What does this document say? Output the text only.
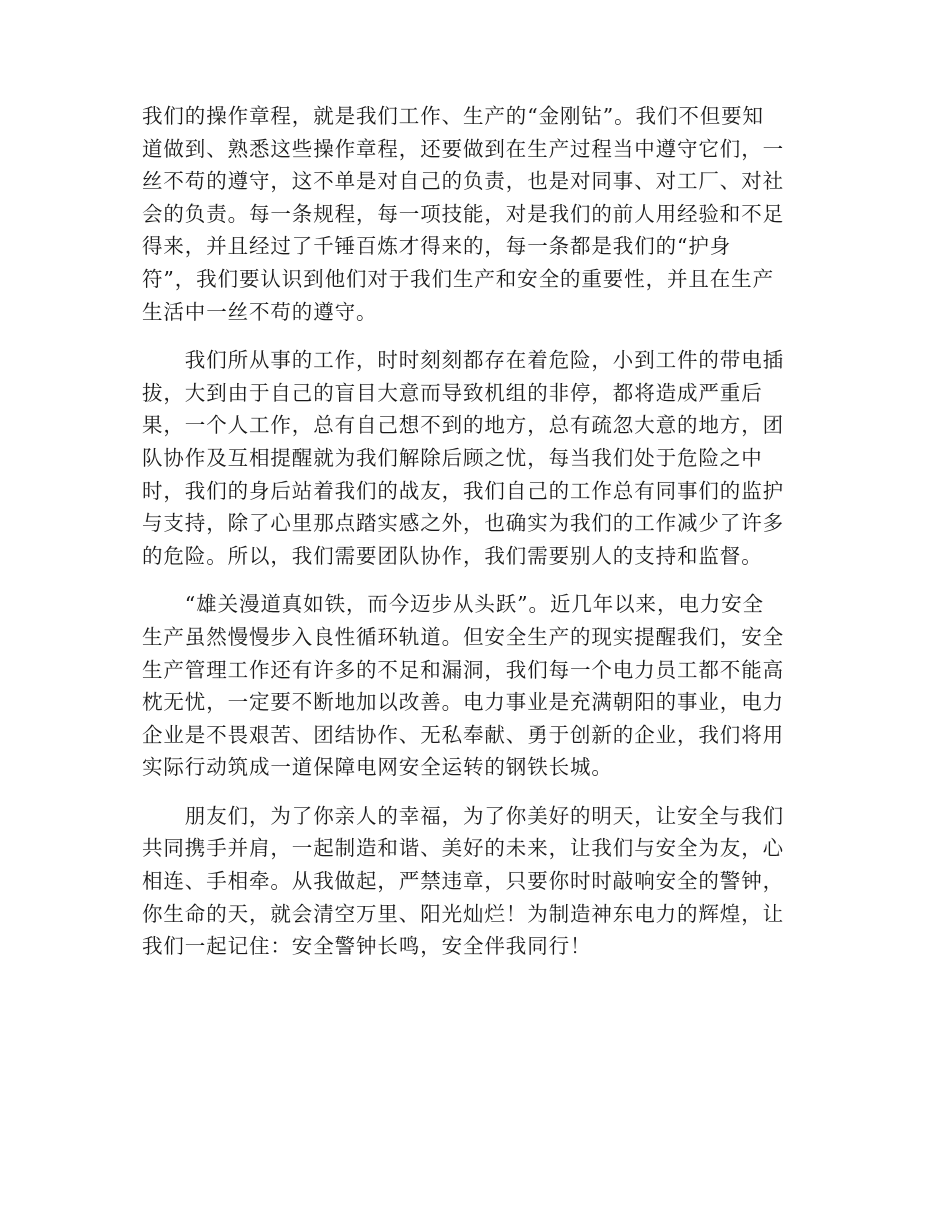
我们的操作章程，就是我们工作、生产的“金刚钻”。我们不但要知
道做到、熟悉这些操作章程，还要做到在生产过程当中遵守它们，一
丝不苟的遵守，这不单是对自己的负责，也是对同事、对工厂、对社
会的负责。每一条规程，每一项技能，对是我们的前人用经验和不足
得来，并且经过了千锤百炼才得来的，每一条都是我们的“护身
符”，我们要认识到他们对于我们生产和安全的重要性，并且在生产
生活中一丝不苟的遵守。
　　我们所从事的工作，时时刻刻都存在着危险，小到工件的带电插
拔，大到由于自己的盲目大意而导致机组的非停，都将造成严重后
果，一个人工作，总有自己想不到的地方，总有疏忽大意的地方，团
队协作及互相提醒就为我们解除后顾之忧，每当我们处于危险之中
时，我们的身后站着我们的战友，我们自己的工作总有同事们的监护
与支持，除了心里那点踏实感之外，也确实为我们的工作减少了许多
的危险。所以，我们需要团队协作，我们需要别人的支持和监督。
　　“雄关漫道真如铁，而今迈步从头跃”。近几年以来，电力安全
生产虽然慢慢步入良性循环轨道。但安全生产的现实提醒我们，安全
生产管理工作还有许多的不足和漏洞，我们每一个电力员工都不能高
枕无忧，一定要不断地加以改善。电力事业是充满朝阳的事业，电力
企业是不畏艰苦、团结协作、无私奉献、勇于创新的企业，我们将用
实际行动筑成一道保障电网安全运转的钢铁长城。
　　朋友们，为了你亲人的幸福，为了你美好的明天，让安全与我们
共同携手并肩，一起制造和谐、美好的未来，让我们与安全为友，心
相连、手相牵。从我做起，严禁违章，只要你时时敲响安全的警钟，
你生命的天，就会清空万里、阳光灿烂！为制造神东电力的辉煌，让
我们一起记住：安全警钟长鸣，安全伴我同行！
